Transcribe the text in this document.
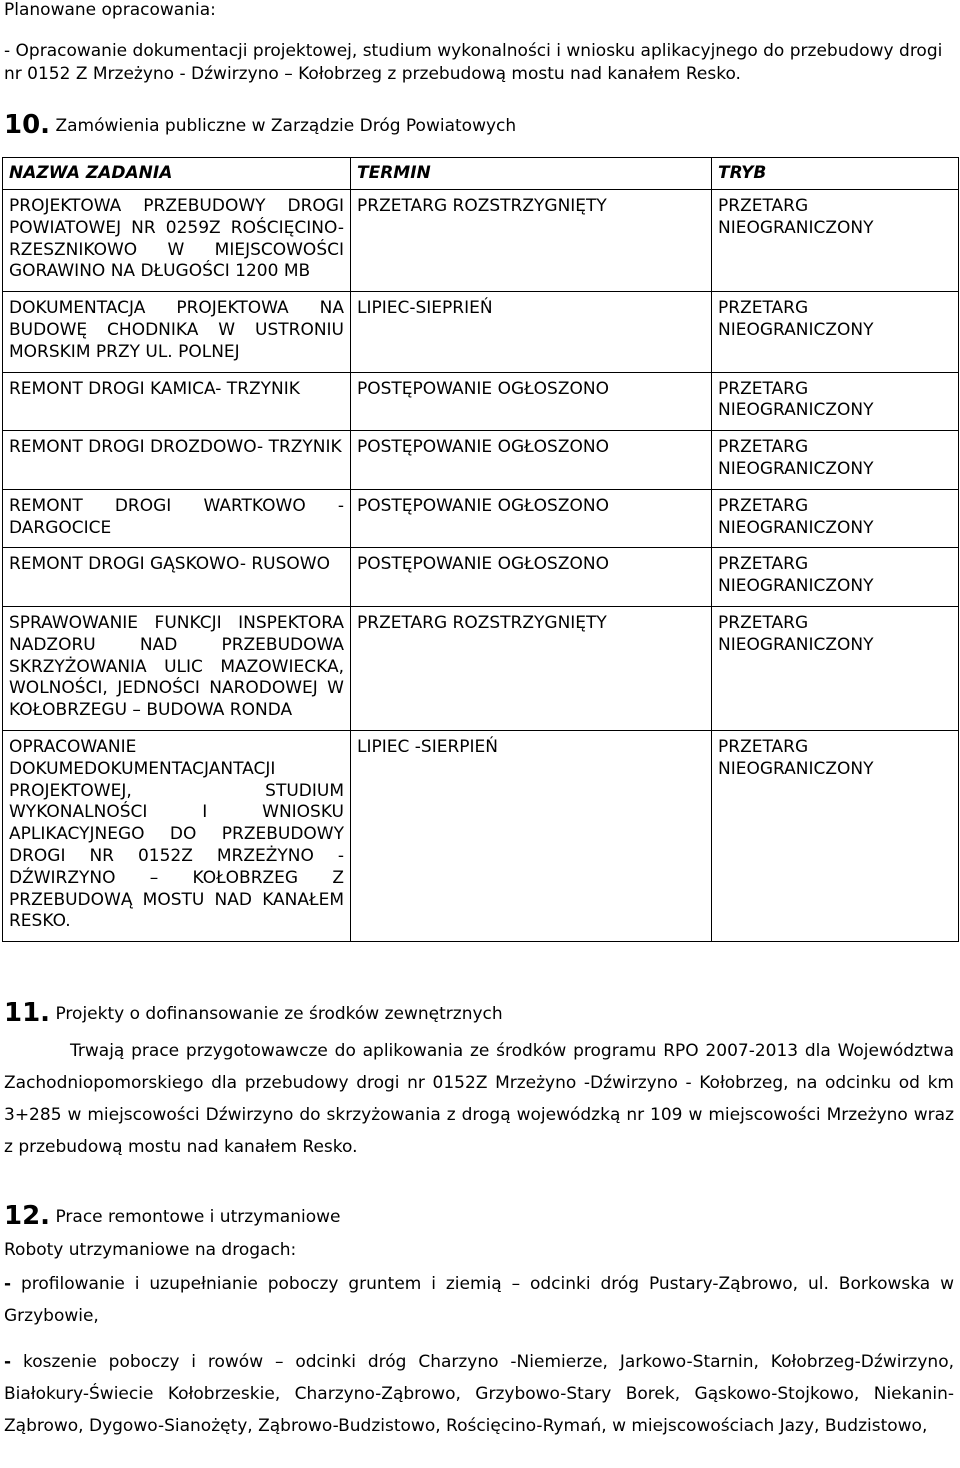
Planowane opracowania:
- Opracowanie dokumentacji projektowej, studium wykonalności i wniosku aplikacyjnego do przebudowy drogi nr 0152 Z Mrzeżyno - Dźwirzyno – Kołobrzeg z przebudową mostu nad kanałem Resko.
10. Zamówienia publiczne w Zarządzie Dróg Powiatowych
NAZWA ZADANIA	TERMIN	TRYB
PROJEKTOWA PRZEBUDOWY DROGI POWIATOWEJ NR 0259Z ROŚCIĘCINO- RZESZNIKOWO W MIEJSCOWOŚCI GORAWINO NA DŁUGOŚCI 1200 MB	PRZETARG ROZSTRZYGNIĘTY	PRZETARG NIEOGRANICZONY
DOKUMENTACJA PROJEKTOWA NA BUDOWĘ CHODNIKA W USTRONIU MORSKIM PRZY UL. POLNEJ	LIPIEC-SIEPRIEŃ	PRZETARG NIEOGRANICZONY
REMONT DROGI KAMICA- TRZYNIK	POSTĘPOWANIE OGŁOSZONO	PRZETARG NIEOGRANICZONY
REMONT DROGI DROZDOWO- TRZYNIK	POSTĘPOWANIE OGŁOSZONO	PRZETARG NIEOGRANICZONY
REMONT DROGI WARTKOWO -DARGOCICE	POSTĘPOWANIE OGŁOSZONO	PRZETARG NIEOGRANICZONY
REMONT DROGI GĄSKOWO- RUSOWO	POSTĘPOWANIE OGŁOSZONO	PRZETARG NIEOGRANICZONY
SPRAWOWANIE FUNKCJI INSPEKTORA NADZORU NAD PRZEBUDOWA SKRZYŻOWANIA ULIC MAZOWIECKA, WOLNOŚCI, JEDNOŚCI NARODOWEJ W KOŁOBRZEGU – BUDOWA RONDA	PRZETARG ROZSTRZYGNIĘTY	PRZETARG NIEOGRANICZONY
OPRACOWANIE DOKUMEDOKUMENTACJANTACJI PROJEKTOWEJ, STUDIUM WYKONALNOŚCI I WNIOSKU APLIKACYJNEGO DO PRZEBUDOWY DROGI NR 0152Z MRZEŻYNO -DŹWIRZYNO – KOŁOBRZEG Z PRZEBUDOWĄ MOSTU NAD KANAŁEM RESKO.	LIPIEC -SIERPIEŃ	PRZETARG NIEOGRANICZONY
11. Projekty o dofinansowanie ze środków zewnętrznych
Trwają prace przygotowawcze do aplikowania ze środków programu RPO 2007-2013 dla Województwa Zachodniopomorskiego dla przebudowy drogi nr 0152Z Mrzeżyno -Dźwirzyno - Kołobrzeg, na odcinku od km 3+285 w miejscowości Dźwirzyno do skrzyżowania z drogą wojewódzką nr 109 w miejscowości Mrzeżyno wraz z przebudową mostu nad kanałem Resko.
12. Prace remontowe i utrzymaniowe
Roboty utrzymaniowe na drogach:

- profilowanie i uzupełnianie poboczy gruntem i ziemią – odcinki dróg Pustary-Ząbrowo, ul. Borkowska w Grzybowie,

- koszenie poboczy i rowów – odcinki dróg Charzyno -Niemierze, Jarkowo-Starnin, Kołobrzeg-Dźwirzyno, Białokury-Świecie Kołobrzeskie, Charzyno-Ząbrowo, Grzybowo-Stary Borek, Gąskowo-Stojkowo, Niekanin-Ząbrowo, Dygowo-Sianożęty, Ząbrowo-Budzistowo, Rościęcino-Rymań, w miejscowościach Jazy, Budzistowo,
